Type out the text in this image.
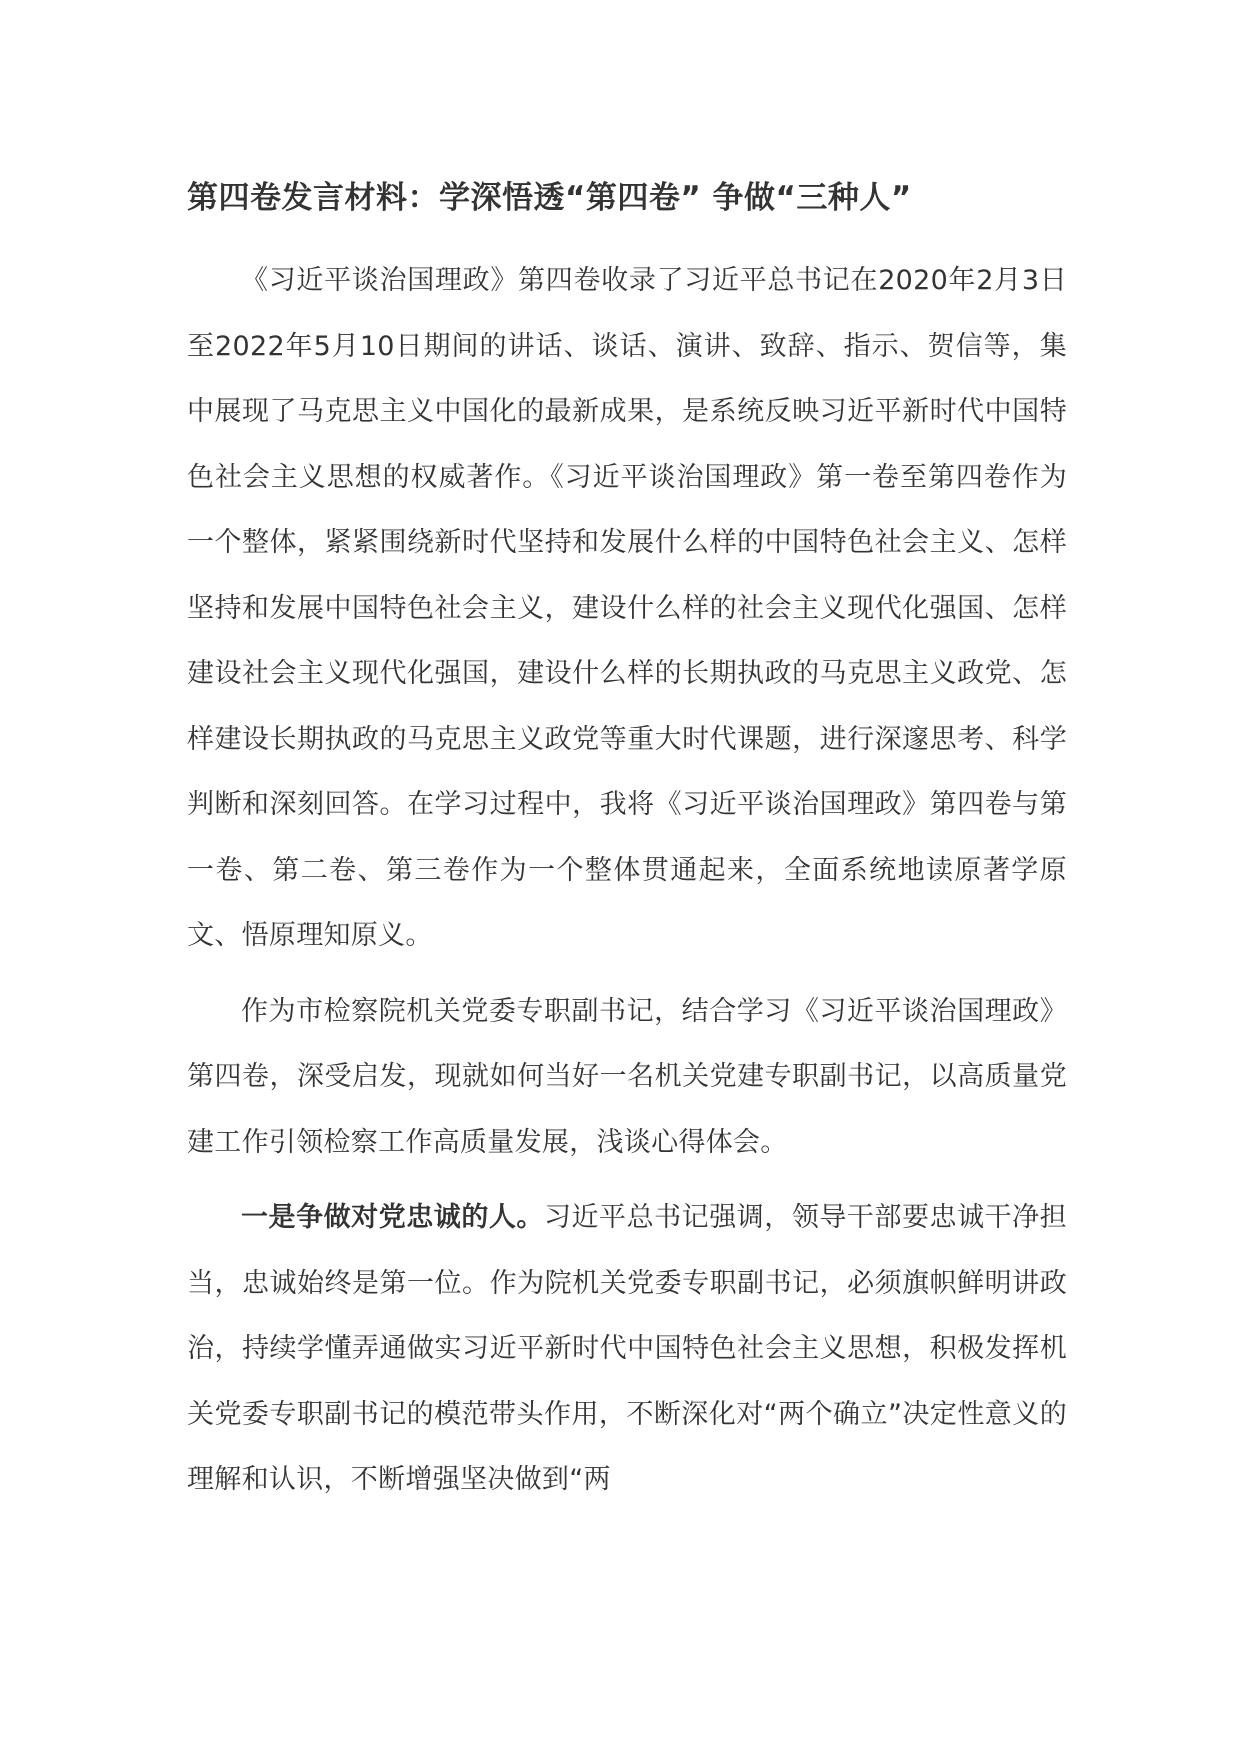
第四卷发言材料：学深悟透“第四卷” 争做“三种人”

《习近平谈治国理政》第四卷收录了习近平总书记在2020年2月3日至2022年5月10日期间的讲话、谈话、演讲、致辞、指示、贺信等，集中展现了马克思主义中国化的最新成果，是系统反映习近平新时代中国特色社会主义思想的权威著作。《习近平谈治国理政》第一卷至第四卷作为一个整体，紧紧围绕新时代坚持和发展什么样的中国特色社会主义、怎样坚持和发展中国特色社会主义，建设什么样的社会主义现代化强国、怎样建设社会主义现代化强国，建设什么样的长期执政的马克思主义政党、怎样建设长期执政的马克思主义政党等重大时代课题，进行深邃思考、科学判断和深刻回答。在学习过程中，我将《习近平谈治国理政》第四卷与第一卷、第二卷、第三卷作为一个整体贯通起来，全面系统地读原著学原文、悟原理知原义。

作为市检察院机关党委专职副书记，结合学习《习近平谈治国理政》第四卷，深受启发，现就如何当好一名机关党建专职副书记，以高质量党建工作引领检察工作高质量发展，浅谈心得体会。

一是争做对党忠诚的人。习近平总书记强调，领导干部要忠诚干净担当，忠诚始终是第一位。作为院机关党委专职副书记，必须旗帜鲜明讲政治，持续学懂弄通做实习近平新时代中国特色社会主义思想，积极发挥机关党委专职副书记的模范带头作用，不断深化对“两个确立”决定性意义的理解和认识，不断增强坚决做到“两
